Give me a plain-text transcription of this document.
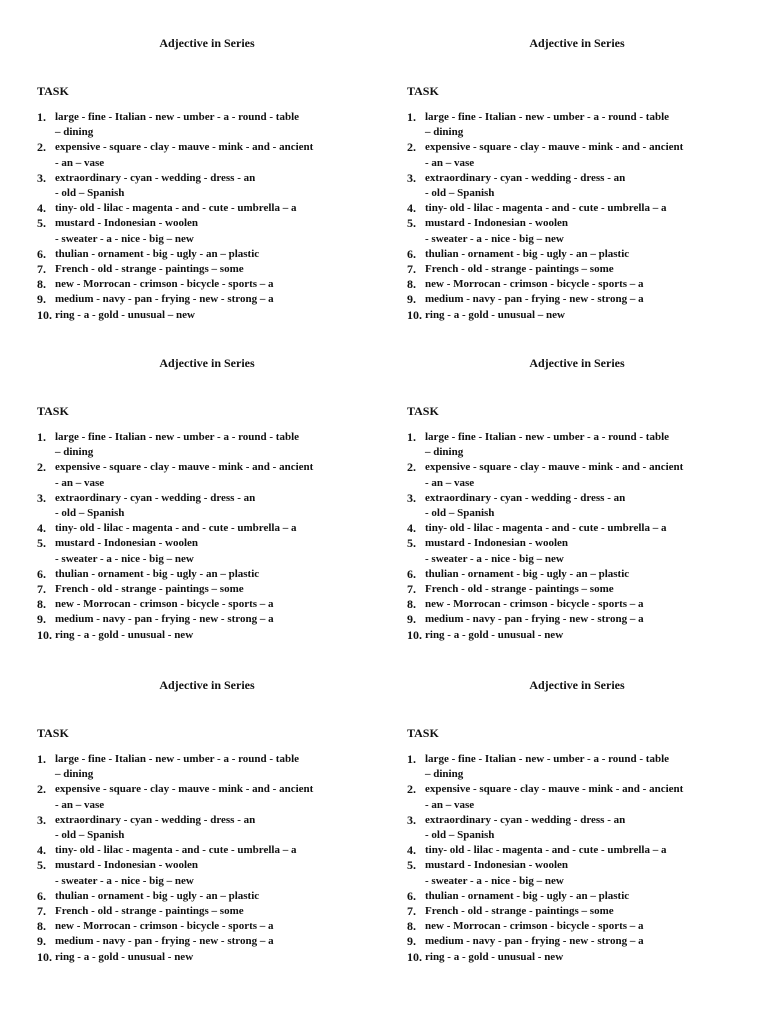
Adjective in Series
TASK
1. large - fine - Italian - new - umber - a - round - table
– dining
2. expensive - square - clay - mauve - mink - and - ancient
- an – vase
3. extraordinary - cyan - wedding - dress - an
- old – Spanish
4. tiny- old - lilac - magenta - and - cute - umbrella – a
5. mustard - Indonesian - woolen
- sweater - a - nice - big – new
6. thulian - ornament - big - ugly - an – plastic
7. French - old - strange - paintings – some
8. new - Morrocan - crimson - bicycle - sports – a
9. medium - navy - pan - frying - new - strong – a
10. ring - a - gold - unusual – new
Adjective in Series
TASK
1. large - fine - Italian - new - umber - a - round - table
– dining
2. expensive - square - clay - mauve - mink - and - ancient
- an – vase
3. extraordinary - cyan - wedding - dress - an
- old – Spanish
4. tiny- old - lilac - magenta - and - cute - umbrella – a
5. mustard - Indonesian - woolen
- sweater - a - nice - big – new
6. thulian - ornament - big - ugly - an – plastic
7. French - old - strange - paintings – some
8. new - Morrocan - crimson - bicycle - sports – a
9. medium - navy - pan - frying - new - strong – a
10. ring - a - gold - unusual – new
Adjective in Series
TASK
1. large - fine - Italian - new - umber - a - round - table
– dining
2. expensive - square - clay - mauve - mink - and - ancient
- an – vase
3. extraordinary - cyan - wedding - dress - an
- old – Spanish
4. tiny- old - lilac - magenta - and - cute - umbrella – a
5. mustard - Indonesian - woolen
- sweater - a - nice - big – new
6. thulian - ornament - big - ugly - an – plastic
7. French - old - strange - paintings – some
8. new - Morrocan - crimson - bicycle - sports – a
9. medium - navy - pan - frying - new - strong – a
10. ring - a - gold - unusual - new
Adjective in Series
TASK
1. large - fine - Italian - new - umber - a - round - table
– dining
2. expensive - square - clay - mauve - mink - and - ancient
- an – vase
3. extraordinary - cyan - wedding - dress - an
- old – Spanish
4. tiny- old - lilac - magenta - and - cute - umbrella – a
5. mustard - Indonesian - woolen
- sweater - a - nice - big – new
6. thulian - ornament - big - ugly - an – plastic
7. French - old - strange - paintings – some
8. new - Morrocan - crimson - bicycle - sports – a
9. medium - navy - pan - frying - new - strong – a
10. ring - a - gold - unusual - new
Adjective in Series
TASK
1. large - fine - Italian - new - umber - a - round - table
– dining
2. expensive - square - clay - mauve - mink - and - ancient
- an – vase
3. extraordinary - cyan - wedding - dress - an
- old – Spanish
4. tiny- old - lilac - magenta - and - cute - umbrella – a
5. mustard - Indonesian - woolen
- sweater - a - nice - big – new
6. thulian - ornament - big - ugly - an – plastic
7. French - old - strange - paintings – some
8. new - Morrocan - crimson - bicycle - sports – a
9. medium - navy - pan - frying - new - strong – a
10. ring - a - gold - unusual - new
Adjective in Series
TASK
1. large - fine - Italian - new - umber - a - round - table
– dining
2. expensive - square - clay - mauve - mink - and - ancient
- an – vase
3. extraordinary - cyan - wedding - dress - an
- old – Spanish
4. tiny- old - lilac - magenta - and - cute - umbrella – a
5. mustard - Indonesian - woolen
- sweater - a - nice - big – new
6. thulian - ornament - big - ugly - an – plastic
7. French - old - strange - paintings – some
8. new - Morrocan - crimson - bicycle - sports – a
9. medium - navy - pan - frying - new - strong – a
10. ring - a - gold - unusual - new
